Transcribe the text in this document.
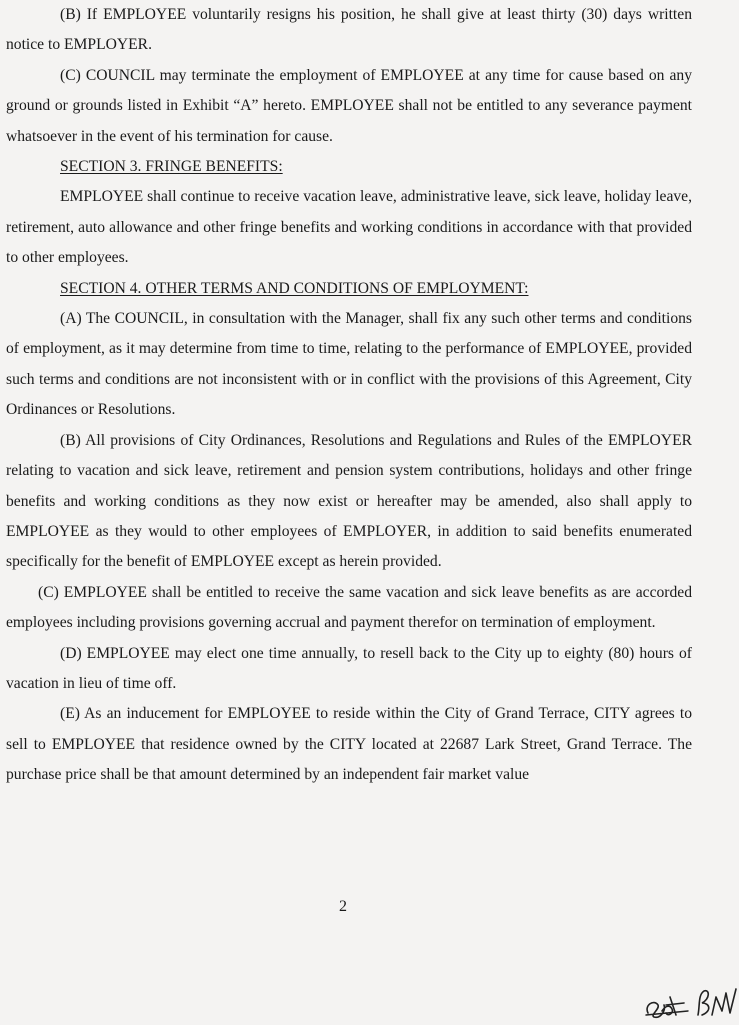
(B) If EMPLOYEE voluntarily resigns his position, he shall give at least thirty (30) days written notice to EMPLOYER.

(C) COUNCIL may terminate the employment of EMPLOYEE at any time for cause based on any ground or grounds listed in Exhibit “A” hereto. EMPLOYEE shall not be entitled to any severance payment whatsoever in the event of his termination for cause.

SECTION 3. FRINGE BENEFITS:

EMPLOYEE shall continue to receive vacation leave, administrative leave, sick leave, holiday leave, retirement, auto allowance and other fringe benefits and working conditions in accordance with that provided to other employees.

SECTION 4. OTHER TERMS AND CONDITIONS OF EMPLOYMENT:

(A) The COUNCIL, in consultation with the Manager, shall fix any such other terms and conditions of employment, as it may determine from time to time, relating to the performance of EMPLOYEE, provided such terms and conditions are not inconsistent with or in conflict with the provisions of this Agreement, City Ordinances or Resolutions.

(B) All provisions of City Ordinances, Resolutions and Regulations and Rules of the EMPLOYER relating to vacation and sick leave, retirement and pension system contributions, holidays and other fringe benefits and working conditions as they now exist or hereafter may be amended, also shall apply to EMPLOYEE as they would to other employees of EMPLOYER, in addition to said benefits enumerated specifically for the benefit of EMPLOYEE except as herein provided.

(C) EMPLOYEE shall be entitled to receive the same vacation and sick leave benefits as are accorded employees including provisions governing accrual and payment therefor on termination of employment.

(D) EMPLOYEE may elect one time annually, to resell back to the City up to eighty (80) hours of vacation in lieu of time off.

(E) As an inducement for EMPLOYEE to reside within the City of Grand Terrace, CITY agrees to sell to EMPLOYEE that residence owned by the CITY located at 22687 Lark Street, Grand Terrace. The purchase price shall be that amount determined by an independent fair market value

2
